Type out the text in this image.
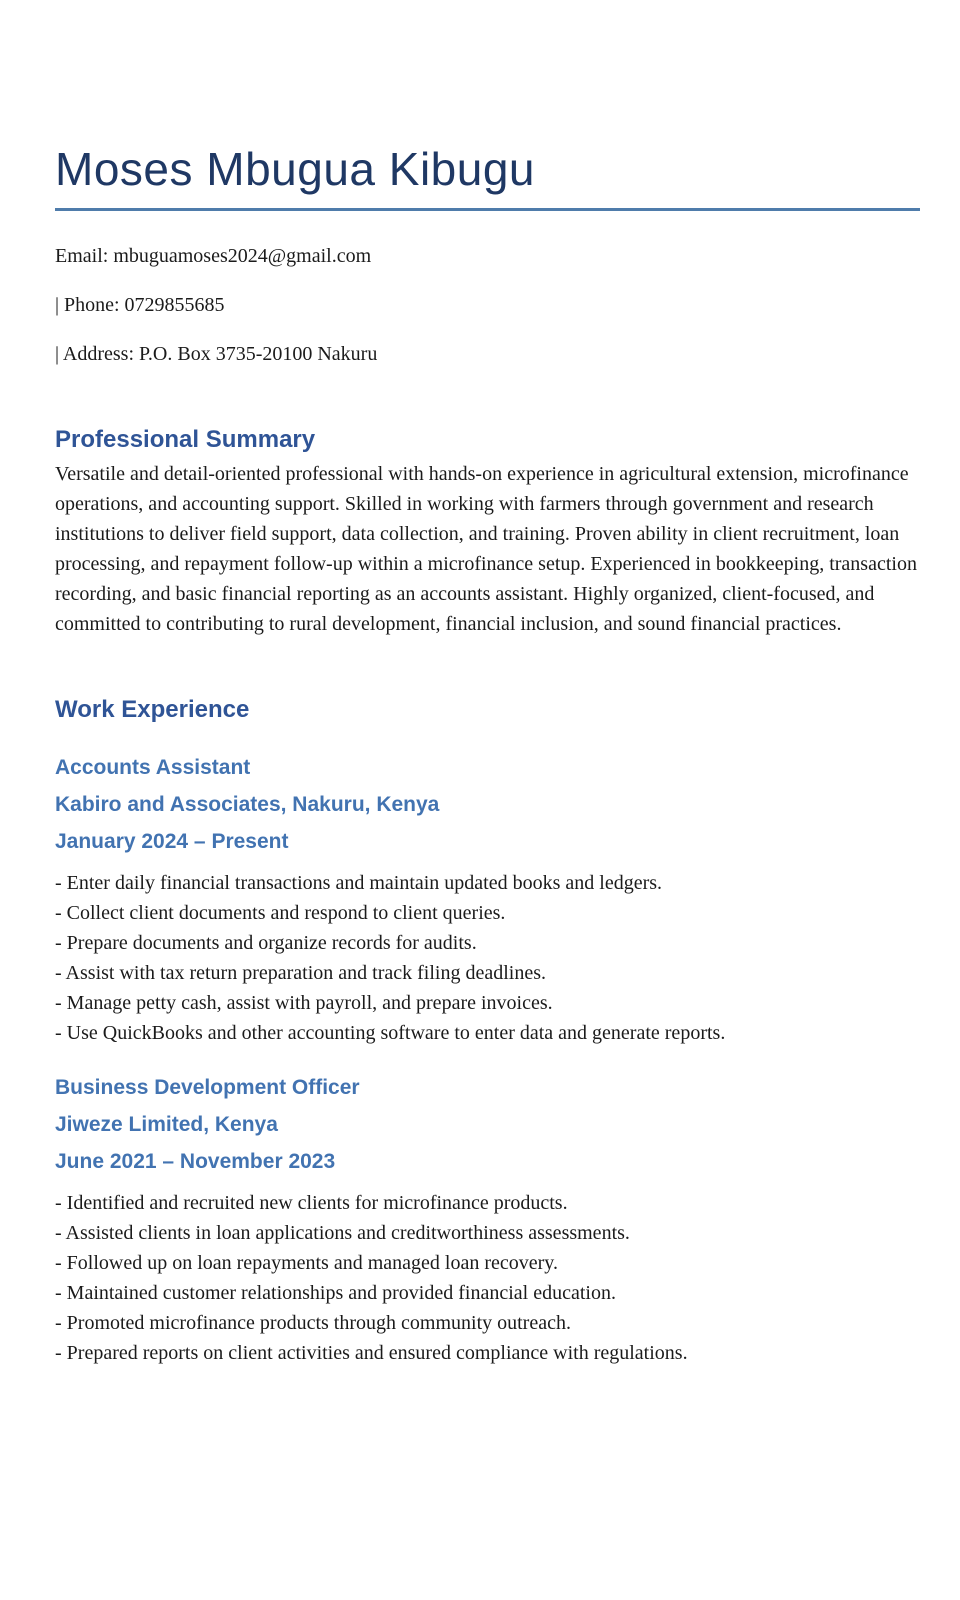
Moses Mbugua Kibugu

Email: mbuguamoses2024@gmail.com

| Phone: 0729855685

| Address: P.O. Box 3735-20100 Nakuru

Professional Summary

Versatile and detail-oriented professional with hands-on experience in agricultural extension, microfinance operations, and accounting support. Skilled in working with farmers through government and research institutions to deliver field support, data collection, and training. Proven ability in client recruitment, loan processing, and repayment follow-up within a microfinance setup. Experienced in bookkeeping, transaction recording, and basic financial reporting as an accounts assistant. Highly organized, client-focused, and committed to contributing to rural development, financial inclusion, and sound financial practices.

Work Experience
Accounts Assistant
Kabiro and Associates, Nakuru, Kenya
January 2024 – Present
- Enter daily financial transactions and maintain updated books and ledgers.
- Collect client documents and respond to client queries.
- Prepare documents and organize records for audits.
- Assist with tax return preparation and track filing deadlines.
- Manage petty cash, assist with payroll, and prepare invoices.
- Use QuickBooks and other accounting software to enter data and generate reports.
Business Development Officer
Jiweze Limited, Kenya
June 2021 – November 2023
- Identified and recruited new clients for microfinance products.
- Assisted clients in loan applications and creditworthiness assessments.
- Followed up on loan repayments and managed loan recovery.
- Maintained customer relationships and provided financial education.
- Promoted microfinance products through community outreach.
- Prepared reports on client activities and ensured compliance with regulations.
